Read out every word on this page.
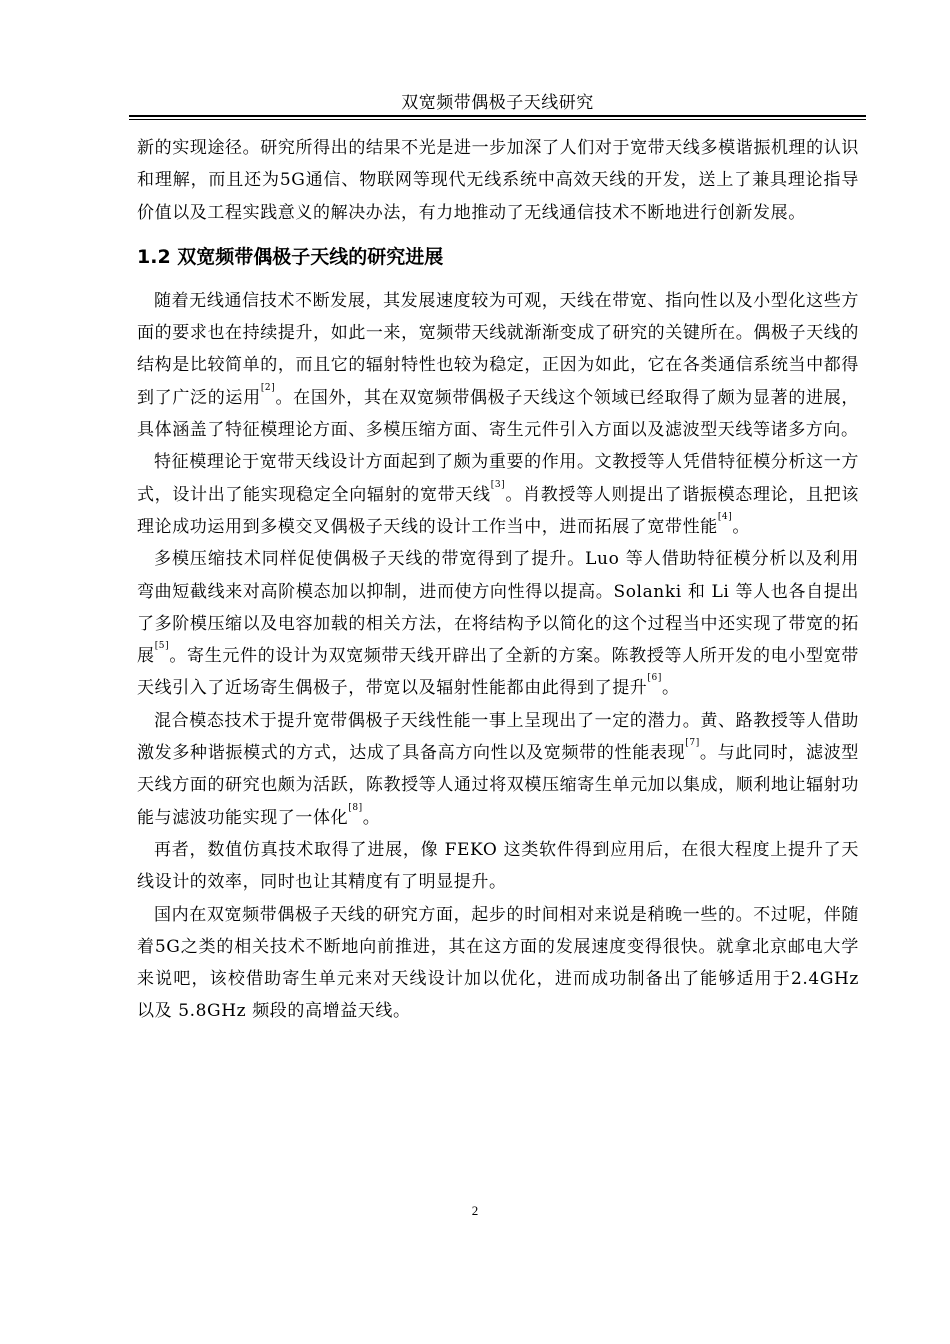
双宽频带偶极子天线研究

新的实现途径。研究所得出的结果不光是进一步加深了人们对于宽带天线多模谐振机理的认识和理解，而且还为5G通信、物联网等现代无线系统中高效天线的开发，送上了兼具理论指导价值以及工程实践意义的解决办法，有力地推动了无线通信技术不断地进行创新发展。

1.2 双宽频带偶极子天线的研究进展

随着无线通信技术不断发展，其发展速度较为可观，天线在带宽、指向性以及小型化这些方面的要求也在持续提升，如此一来，宽频带天线就渐渐变成了研究的关键所在。偶极子天线的结构是比较简单的，而且它的辐射特性也较为稳定，正因为如此，它在各类通信系统当中都得到了广泛的运用[2]。在国外，其在双宽频带偶极子天线这个领域已经取得了颇为显著的进展，具体涵盖了特征模理论方面、多模压缩方面、寄生元件引入方面以及滤波型天线等诸多方向。

特征模理论于宽带天线设计方面起到了颇为重要的作用。文教授等人凭借特征模分析这一方式，设计出了能实现稳定全向辐射的宽带天线[3]。肖教授等人则提出了谐振模态理论，且把该理论成功运用到多模交叉偶极子天线的设计工作当中，进而拓展了宽带性能[4]。

多模压缩技术同样促使偶极子天线的带宽得到了提升。Luo 等人借助特征模分析以及利用弯曲短截线来对高阶模态加以抑制，进而使方向性得以提高。Solanki 和 Li 等人也各自提出了多阶模压缩以及电容加载的相关方法，在将结构予以简化的这个过程当中还实现了带宽的拓展[5]。寄生元件的设计为双宽频带天线开辟出了全新的方案。陈教授等人所开发的电小型宽带天线引入了近场寄生偶极子，带宽以及辐射性能都由此得到了提升[6]。

混合模态技术于提升宽带偶极子天线性能一事上呈现出了一定的潜力。黄、路教授等人借助激发多种谐振模式的方式，达成了具备高方向性以及宽频带的性能表现[7]。与此同时，滤波型天线方面的研究也颇为活跃，陈教授等人通过将双模压缩寄生单元加以集成，顺利地让辐射功能与滤波功能实现了一体化[8]。

再者，数值仿真技术取得了进展，像 FEKO 这类软件得到应用后，在很大程度上提升了天线设计的效率，同时也让其精度有了明显提升。

国内在双宽频带偶极子天线的研究方面，起步的时间相对来说是稍晚一些的。不过呢，伴随着5G之类的相关技术不断地向前推进，其在这方面的发展速度变得很快。就拿北京邮电大学来说吧，该校借助寄生单元来对天线设计加以优化，进而成功制备出了能够适用于2.4GHz 以及 5.8GHz 频段的高增益天线。

2
